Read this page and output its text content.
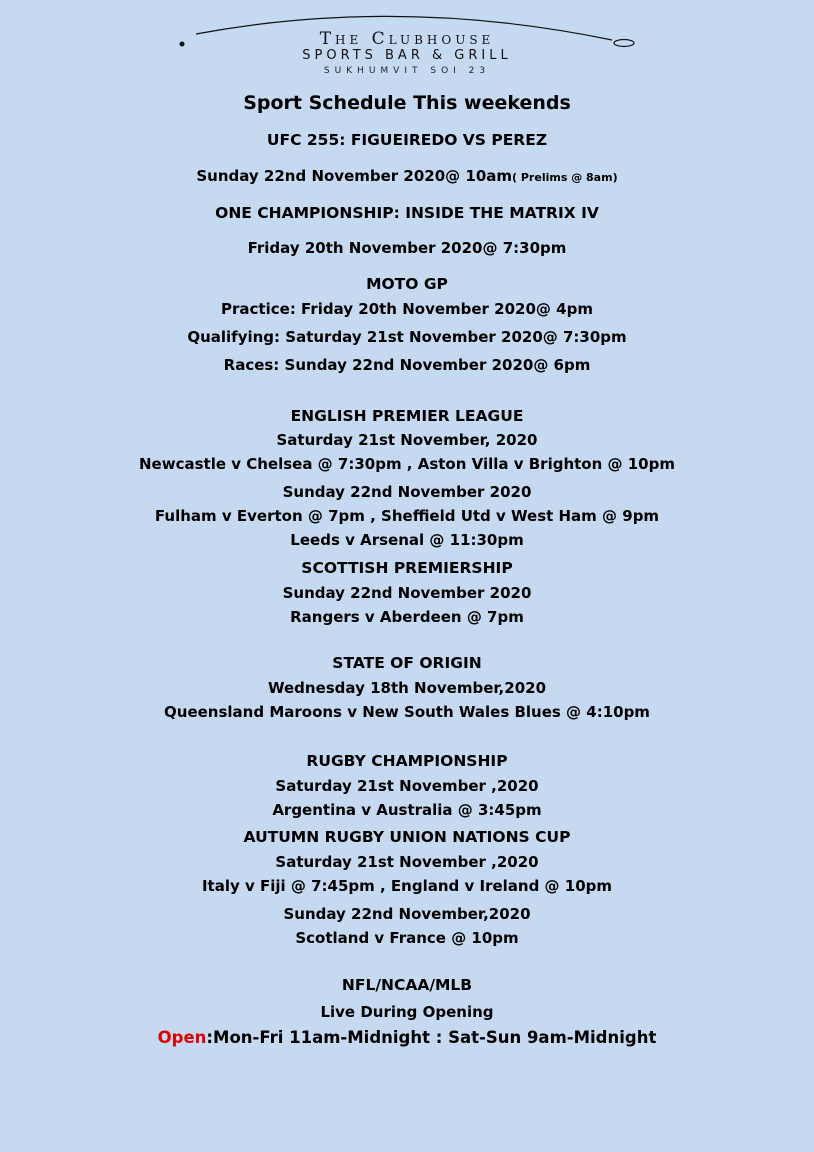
The Clubhouse
SPORTS BAR & GRILL
SUKHUMVIT SOI 23
Sport Schedule This weekends
UFC 255: FIGUEIREDO VS PEREZ
Sunday 22nd November 2020@ 10am( Prelims @ 8am)
ONE CHAMPIONSHIP: INSIDE THE MATRIX IV
Friday 20th November 2020@ 7:30pm
MOTO GP
Practice: Friday 20th November 2020@ 4pm
Qualifying: Saturday 21st November 2020@ 7:30pm
Races: Sunday 22nd November 2020@ 6pm
ENGLISH PREMIER LEAGUE
Saturday 21st November, 2020
Newcastle v Chelsea @ 7:30pm , Aston Villa v Brighton @ 10pm
Sunday 22nd November 2020
Fulham v Everton @ 7pm , Sheffield Utd v West Ham @ 9pm
Leeds v Arsenal @ 11:30pm
SCOTTISH PREMIERSHIP
Sunday 22nd November 2020
Rangers v Aberdeen @ 7pm
STATE OF ORIGIN
Wednesday 18th November,2020
Queensland Maroons v New South Wales Blues @ 4:10pm
RUGBY CHAMPIONSHIP
Saturday 21st November ,2020
Argentina v Australia @ 3:45pm
AUTUMN RUGBY UNION NATIONS CUP
Saturday 21st November ,2020
Italy v Fiji @ 7:45pm , England v Ireland @ 10pm
Sunday 22nd November,2020
Scotland v France @ 10pm
NFL/NCAA/MLB
Live During Opening
Open:Mon-Fri 11am-Midnight : Sat-Sun 9am-Midnight
